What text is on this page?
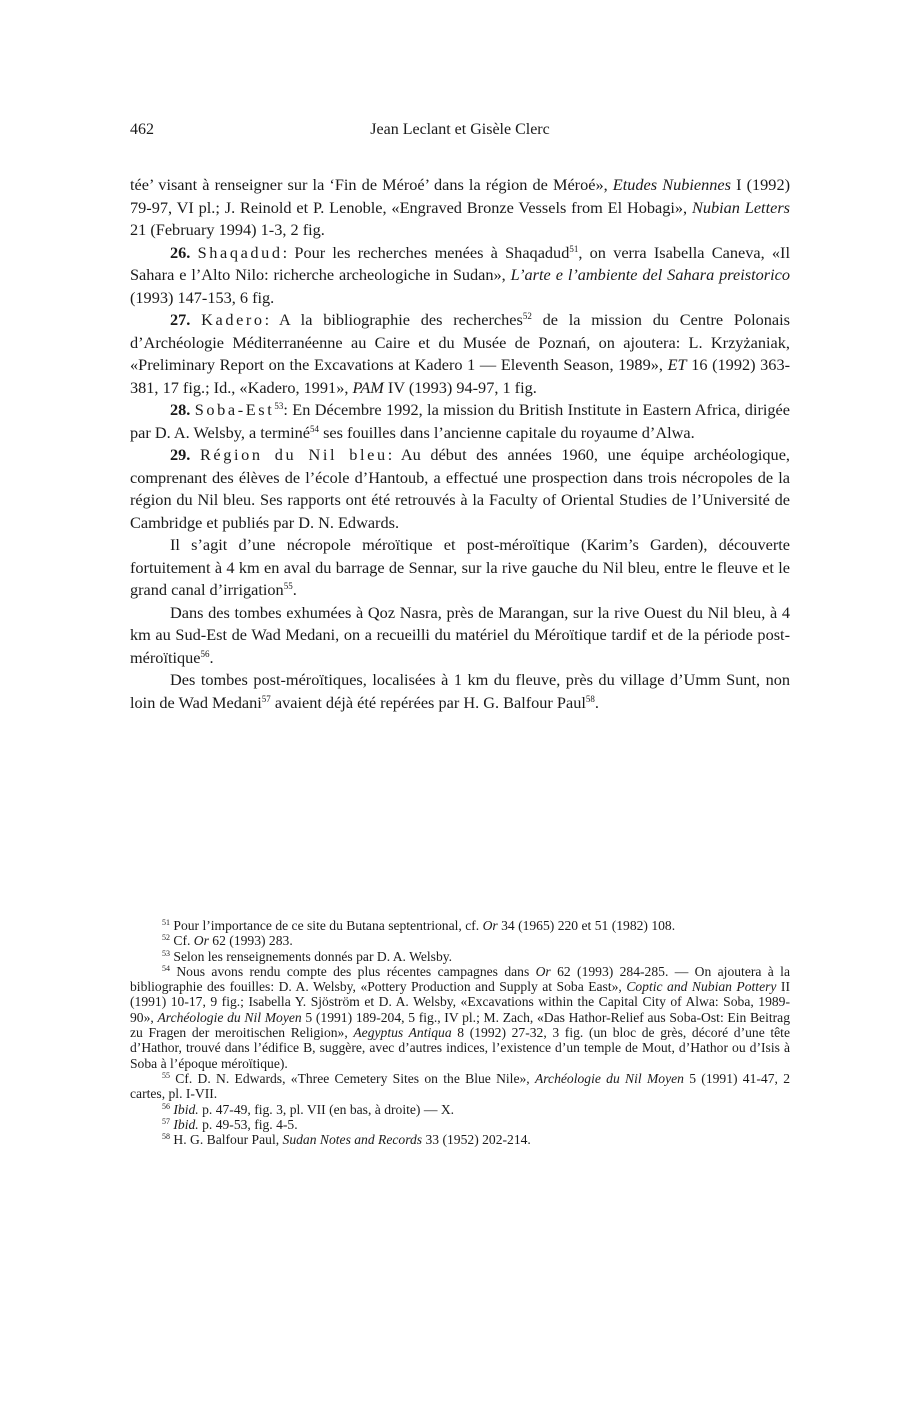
462	Jean Leclant et Gisèle Clerc

tée’ visant à renseigner sur la ‘Fin de Méroé’ dans la région de Méroé», Etudes Nubiennes I (1992) 79-97, VI pl.; J. Reinold et P. Lenoble, «Engraved Bronze Vessels from El Hobagi», Nubian Letters 21 (February 1994) 1-3, 2 fig.

26. Shaqadud: Pour les recherches menées à Shaqadud$^{51}$, on verra Isabella Caneva, «Il Sahara e l’Alto Nilo: richerche archeologiche in Sudan», L’arte e l’ambiente del Sahara preistorico (1993) 147-153, 6 fig.

27. Kadero: A la bibliographie des recherches$^{52}$ de la mission du Centre Polonais d’Archéologie Méditerranéenne au Caire et du Musée de Poznań, on ajoutera: L. Krzyżaniak, «Preliminary Report on the Excavations at Kadero 1 — Eleventh Season, 1989», ET 16 (1992) 363-381, 17 fig.; Id., «Kadero, 1991», PAM IV (1993) 94-97, 1 fig.

28. Soba-Est$^{53}$: En Décembre 1992, la mission du British Institute in Eastern Africa, dirigée par D. A. Welsby, a terminé$^{54}$ ses fouilles dans l’ancienne capitale du royaume d’Alwa.

29. Région du Nil bleu: Au début des années 1960, une équipe archéologique, comprenant des élèves de l’école d’Hantoub, a effectué une prospection dans trois nécropoles de la région du Nil bleu. Ses rapports ont été retrouvés à la Faculty of Oriental Studies de l’Université de Cambridge et publiés par D. N. Edwards.

Il s’agit d’une nécropole méroïtique et post-méroïtique (Karim’s Garden), découverte fortuitement à 4 km en aval du barrage de Sennar, sur la rive gauche du Nil bleu, entre le fleuve et le grand canal d’irrigation$^{55}$.

Dans des tombes exhumées à Qoz Nasra, près de Marangan, sur la rive Ouest du Nil bleu, à 4 km au Sud-Est de Wad Medani, on a recueilli du matériel du Méroïtique tardif et de la période post-méroïtique$^{56}$.

Des tombes post-méroïtiques, localisées à 1 km du fleuve, près du village d’Umm Sunt, non loin de Wad Medani$^{57}$ avaient déjà été repérées par H. G. Balfour Paul$^{58}$.

$^{51}$ Pour l’importance de ce site du Butana septentrional, cf. Or 34 (1965) 220 et 51 (1982) 108.

$^{52}$ Cf. Or 62 (1993) 283.

$^{53}$ Selon les renseignements donnés par D. A. Welsby.

$^{54}$ Nous avons rendu compte des plus récentes campagnes dans Or 62 (1993) 284-285. — On ajoutera à la bibliographie des fouilles: D. A. Welsby, «Pottery Production and Supply at Soba East», Coptic and Nubian Pottery II (1991) 10-17, 9 fig.; Isabella Y. Sjöström et D. A. Welsby, «Excavations within the Capital City of Alwa: Soba, 1989-90», Archéologie du Nil Moyen 5 (1991) 189-204, 5 fig., IV pl.; M. Zach, «Das Hathor-Relief aus Soba-Ost: Ein Beitrag zu Fragen der meroitischen Religion», Aegyptus Antiqua 8 (1992) 27-32, 3 fig. (un bloc de grès, décoré d’une tête d’Hathor, trouvé dans l’édifice B, suggère, avec d’autres indices, l’existence d’un temple de Mout, d’Hathor ou d’Isis à Soba à l’époque méroïtique).

$^{55}$ Cf. D. N. Edwards, «Three Cemetery Sites on the Blue Nile», Archéologie du Nil Moyen 5 (1991) 41-47, 2 cartes, pl. I-VII.

$^{56}$ Ibid. p. 47-49, fig. 3, pl. VII (en bas, à droite) — X.

$^{57}$ Ibid. p. 49-53, fig. 4-5.

$^{58}$ H. G. Balfour Paul, Sudan Notes and Records 33 (1952) 202-214.
